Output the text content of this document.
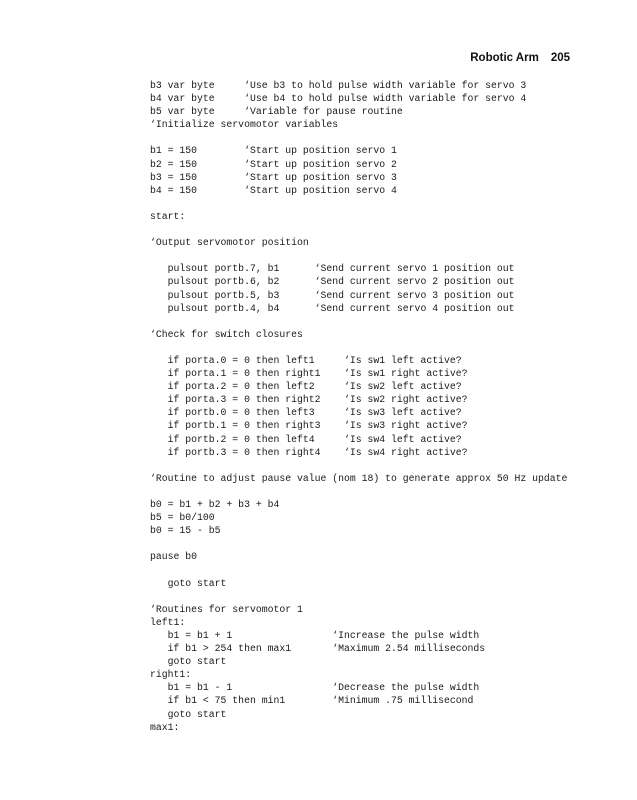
Robotic Arm 205
b3 var byte     ‘Use b3 to hold pulse width variable for servo 3
b4 var byte     ‘Use b4 to hold pulse width variable for servo 4
b5 var byte     ‘Variable for pause routine
‘Initialize servomotor variables
b1 = 150        ‘Start up position servo 1
b2 = 150        ‘Start up position servo 2
b3 = 150        ‘Start up position servo 3
b4 = 150        ‘Start up position servo 4
start:
‘Output servomotor position
pulsout portb.7, b1      ‘Send current servo 1 position out
pulsout portb.6, b2      ‘Send current servo 2 position out
pulsout portb.5, b3      ‘Send current servo 3 position out
pulsout portb.4, b4      ‘Send current servo 4 position out
‘Check for switch closures
if porta.0 = 0 then left1     ‘Is sw1 left active?
if porta.1 = 0 then right1    ‘Is sw1 right active?
if porta.2 = 0 then left2     ‘Is sw2 left active?
if porta.3 = 0 then right2    ‘Is sw2 right active?
if portb.0 = 0 then left3     ‘Is sw3 left active?
if portb.1 = 0 then right3    ‘Is sw3 right active?
if portb.2 = 0 then left4     ‘Is sw4 left active?
if portb.3 = 0 then right4    ‘Is sw4 right active?
‘Routine to adjust pause value (nom 18) to generate approx 50 Hz update
b0 = b1 + b2 + b3 + b4
b5 = b0/100
b0 = 15 - b5
pause b0
goto start
‘Routines for servomotor 1
left1:
b1 = b1 + 1                 ‘Increase the pulse width
if b1 > 254 then max1       ‘Maximum 2.54 milliseconds
goto start
right1:
b1 = b1 - 1                 ‘Decrease the pulse width
if b1 < 75 then min1        ‘Minimum .75 millisecond
goto start
max1:
